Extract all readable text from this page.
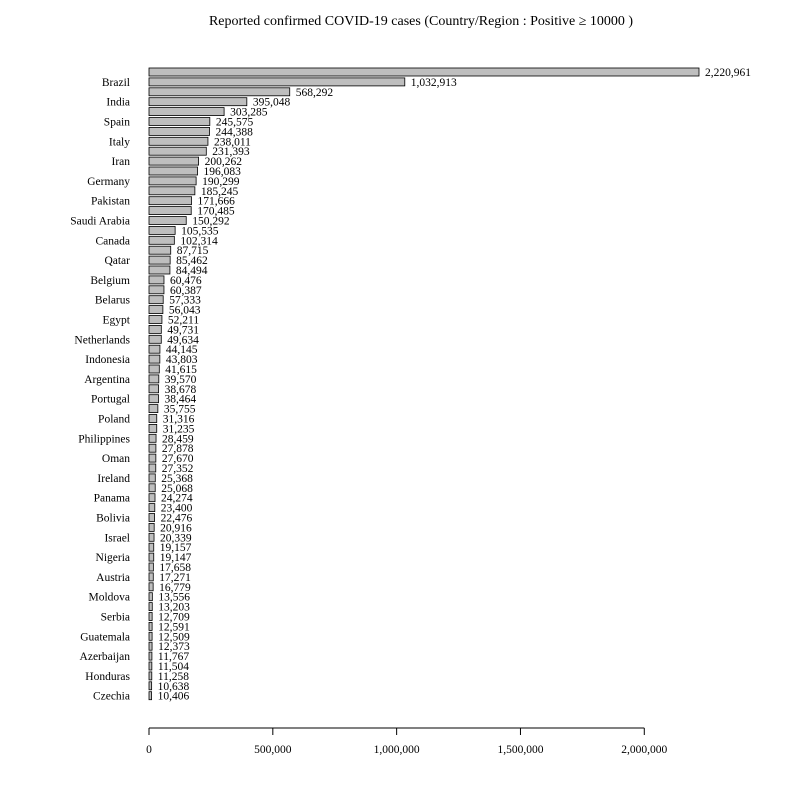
Reported confirmed COVID-19 cases (Country/Region : Positive ≥ 10000 )
2,220,961
1,032,913
568,292
395,048
303,285
245,575
244,388
238,011
231,393
200,262
196,083
190,299
185,245
171,666
170,485
150,292
105,535
102,314
87,715
85,462
84,494
60,476
60,387
57,333
56,043
52,211
49,731
49,634
44,145
43,803
41,615
39,570
38,678
38,464
35,755
31,316
31,235
28,459
27,878
27,670
27,352
25,368
25,068
24,274
23,400
22,476
20,916
20,339
19,157
19,147
17,658
17,271
16,779
13,556
13,203
12,709
12,591
12,509
12,373
11,767
11,504
11,258
10,638
10,406
Brazil
India
Spain
Italy
Iran
Germany
Pakistan
Saudi Arabia
Canada
Qatar
Belgium
Belarus
Egypt
Netherlands
Indonesia
Argentina
Portugal
Poland
Philippines
Oman
Ireland
Panama
Bolivia
Israel
Nigeria
Austria
Moldova
Serbia
Guatemala
Azerbaijan
Honduras
Czechia
0	500,000	1,000,000	1,500,000	2,000,000
